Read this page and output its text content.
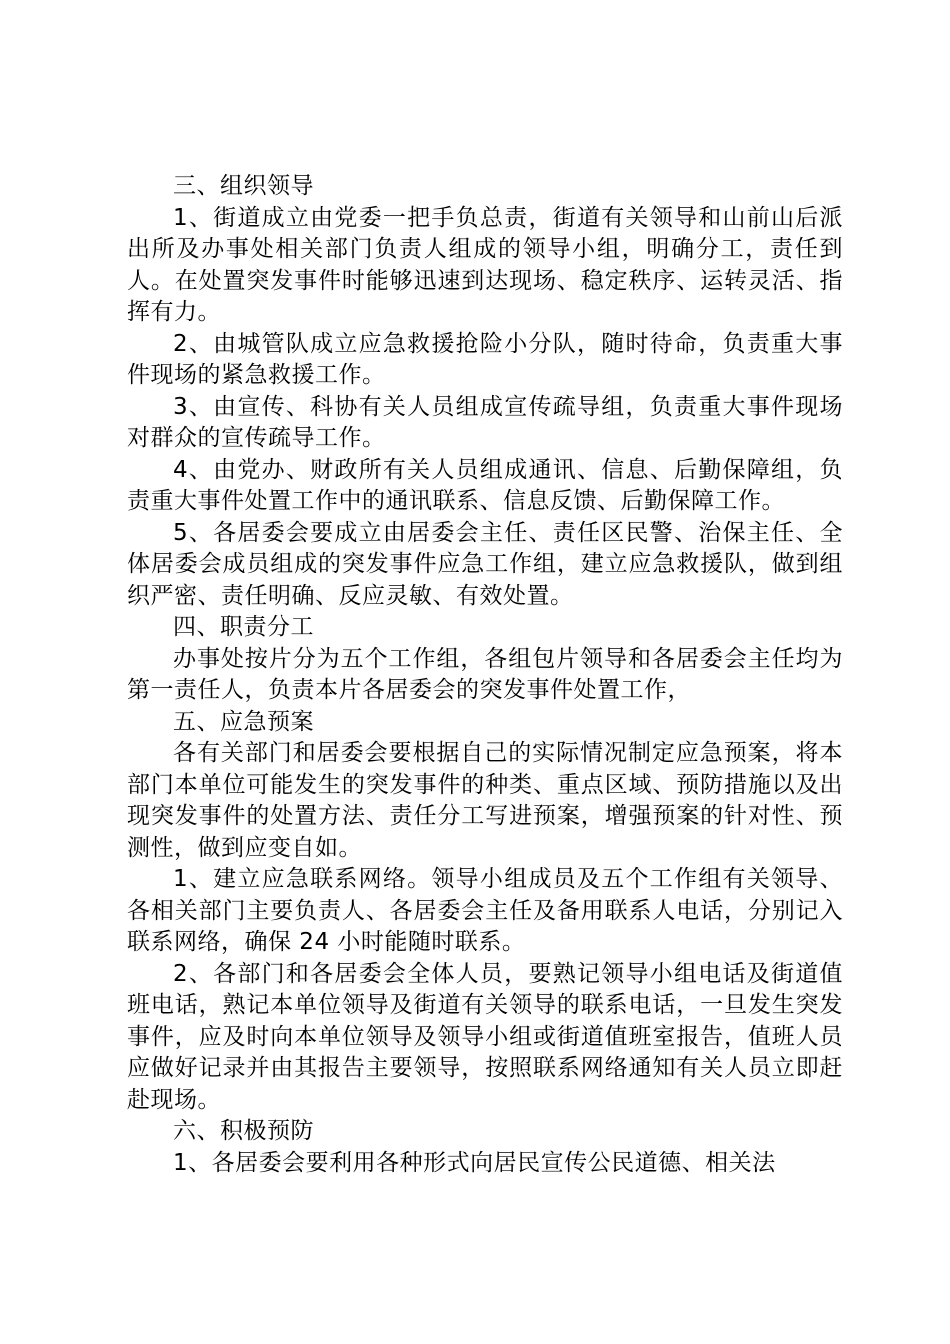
三、组织领导

1、街道成立由党委一把手负总责，街道有关领导和山前山后派出所及办事处相关部门负责人组成的领导小组，明确分工，责任到人。在处置突发事件时能够迅速到达现场、稳定秩序、运转灵活、指挥有力。

2、由城管队成立应急救援抢险小分队，随时待命，负责重大事件现场的紧急救援工作。

3、由宣传、科协有关人员组成宣传疏导组，负责重大事件现场对群众的宣传疏导工作。

4、由党办、财政所有关人员组成通讯、信息、后勤保障组，负责重大事件处置工作中的通讯联系、信息反馈、后勤保障工作。

5、各居委会要成立由居委会主任、责任区民警、治保主任、全体居委会成员组成的突发事件应急工作组，建立应急救援队，做到组织严密、责任明确、反应灵敏、有效处置。

四、职责分工

办事处按片分为五个工作组，各组包片领导和各居委会主任均为第一责任人，负责本片各居委会的突发事件处置工作，

五、应急预案

各有关部门和居委会要根据自己的实际情况制定应急预案，将本部门本单位可能发生的突发事件的种类、重点区域、预防措施以及出现突发事件的处置方法、责任分工写进预案，增强预案的针对性、预测性，做到应变自如。

1、建立应急联系网络。领导小组成员及五个工作组有关领导、各相关部门主要负责人、各居委会主任及备用联系人电话，分别记入联系网络，确保 24 小时能随时联系。

2、各部门和各居委会全体人员，要熟记领导小组电话及街道值班电话，熟记本单位领导及街道有关领导的联系电话，一旦发生突发事件，应及时向本单位领导及领导小组或街道值班室报告，值班人员应做好记录并由其报告主要领导，按照联系网络通知有关人员立即赶赴现场。

六、积极预防

1、各居委会要利用各种形式向居民宣传公民道德、相关法
